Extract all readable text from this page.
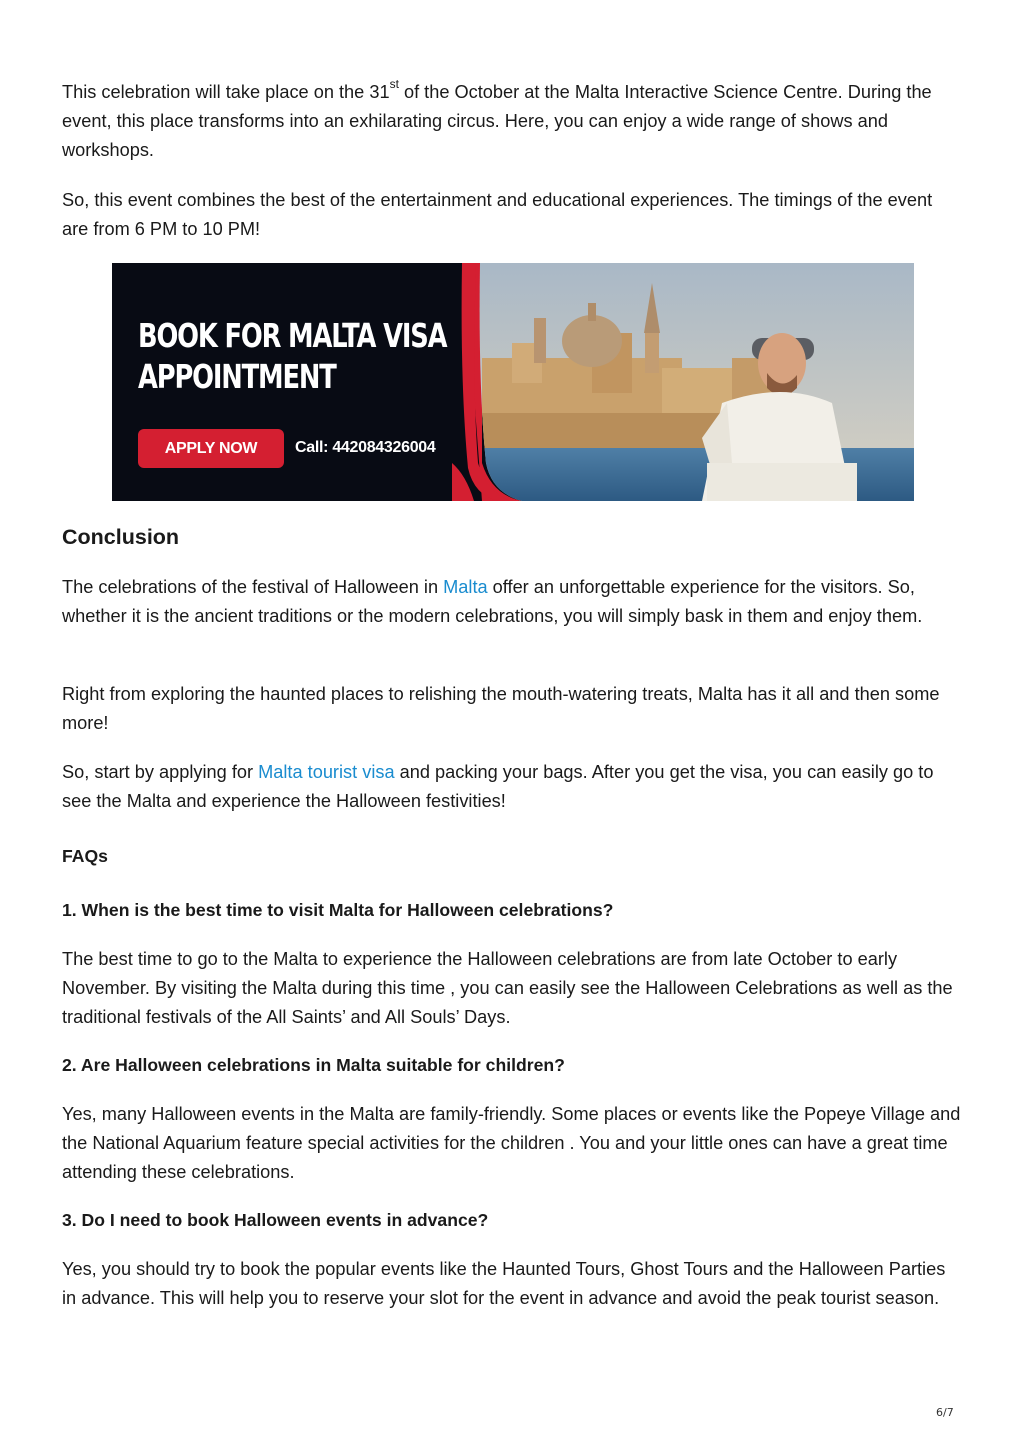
This celebration will take place on the 31st of the October at the Malta Interactive Science Centre. During the event, this place transforms into an exhilarating circus. Here, you can enjoy a wide range of shows and workshops.

So, this event combines the best of the entertainment and educational experiences. The timings of the event are from 6 PM to 10 PM!

Conclusion

The celebrations of the festival of Halloween in Malta offer an unforgettable experience for the visitors. So, whether it is the ancient traditions or the modern celebrations, you will simply bask in them and enjoy them.

Right from exploring the haunted places to relishing the mouth-watering treats, Malta has it all and then some more!

So, start by applying for Malta tourist visa and packing your bags. After you get the visa, you can easily go to see the Malta and experience the Halloween festivities!

FAQs
1. When is the best time to visit Malta for Halloween celebrations?

The best time to go to the Malta to experience the Halloween celebrations are from late October to early November. By visiting the Malta during this time , you can easily see the Halloween Celebrations as well as the traditional festivals of the All Saints’ and All Souls’ Days.

2. Are Halloween celebrations in Malta suitable for children?

Yes, many Halloween events in the Malta are family-friendly. Some places or events like the Popeye Village and the National Aquarium feature special activities for the children . You and your little ones can have a great time attending these celebrations.

3. Do I need to book Halloween events in advance?

Yes, you should try to book the popular events like the Haunted Tours, Ghost Tours and the Halloween Parties in advance. This will help you to reserve your slot for the event in advance and avoid the peak tourist season.

BOOK FOR MALTA VISA
APPOINTMENT
APPLY NOW	Call: 442084326004
6/7
